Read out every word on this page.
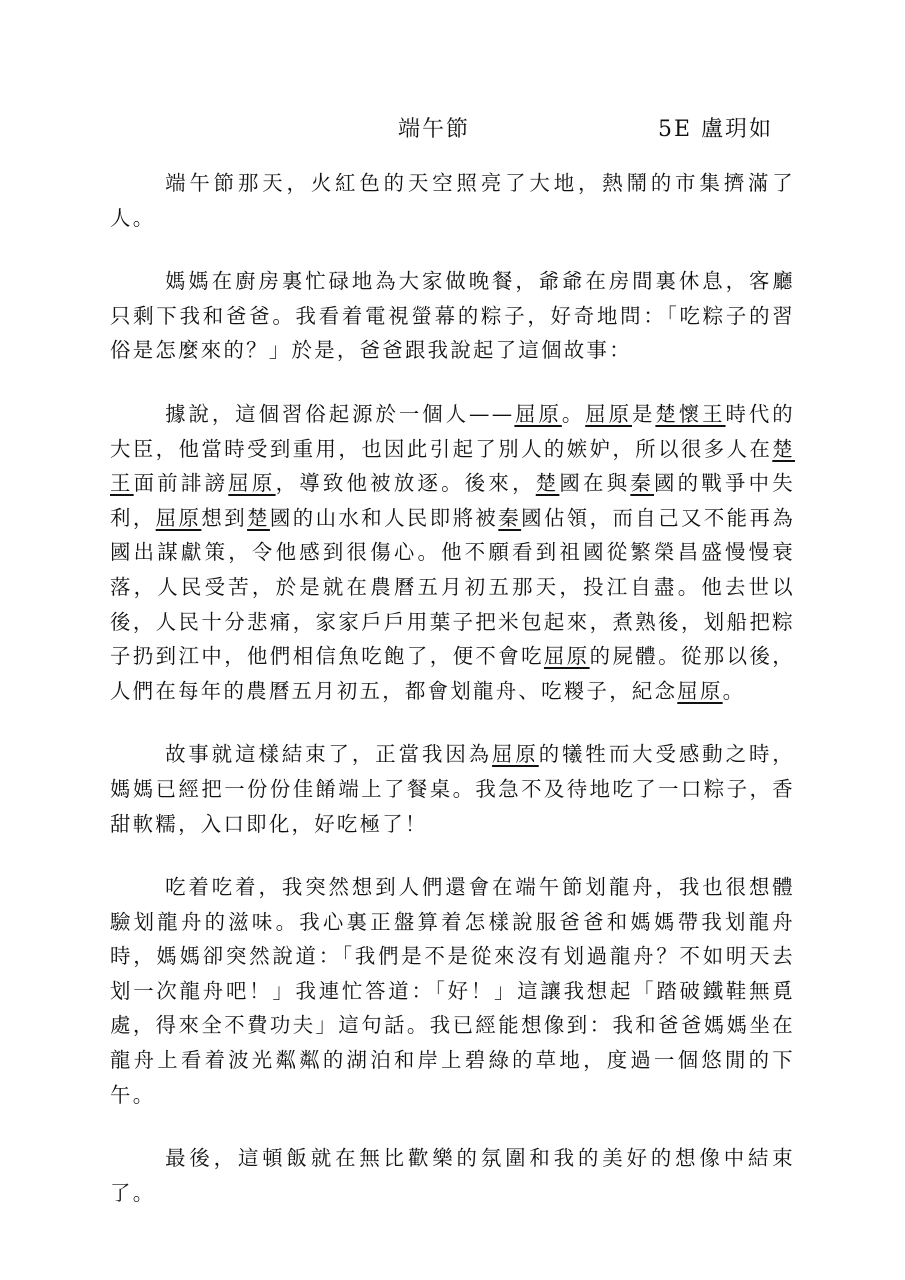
端午節	5E 盧玥如

端午節那天，火紅色的天空照亮了大地，熱鬧的市集擠滿了人。

媽媽在廚房裏忙碌地為大家做晚餐，爺爺在房間裏休息，客廳只剩下我和爸爸。我看着電視螢幕的粽子，好奇地問：「吃粽子的習俗是怎麼來的？」於是，爸爸跟我說起了這個故事：

據說，這個習俗起源於一個人——屈原。屈原是楚懷王時代的大臣，他當時受到重用，也因此引起了別人的嫉妒，所以很多人在楚王面前誹謗屈原，導致他被放逐。後來，楚國在與秦國的戰爭中失利，屈原想到楚國的山水和人民即將被秦國佔領，而自己又不能再為國出謀獻策，令他感到很傷心。他不願看到祖國從繁榮昌盛慢慢衰落，人民受苦，於是就在農曆五月初五那天，投江自盡。他去世以後，人民十分悲痛，家家戶戶用葉子把米包起來，煮熟後，划船把粽子扔到江中，他們相信魚吃飽了，便不會吃屈原的屍體。從那以後，人們在每年的農曆五月初五，都會划龍舟、吃糉子，紀念屈原。

故事就這樣結束了，正當我因為屈原的犧牲而大受感動之時，媽媽已經把一份份佳餚端上了餐桌。我急不及待地吃了一口粽子，香甜軟糯，入口即化，好吃極了！

吃着吃着，我突然想到人們還會在端午節划龍舟，我也很想體驗划龍舟的滋味。我心裏正盤算着怎樣說服爸爸和媽媽帶我划龍舟時，媽媽卻突然說道：「我們是不是從來沒有划過龍舟？不如明天去划一次龍舟吧！」我連忙答道：「好！」這讓我想起「踏破鐵鞋無覓處，得來全不費功夫」這句話。我已經能想像到：我和爸爸媽媽坐在龍舟上看着波光粼粼的湖泊和岸上碧綠的草地，度過一個悠閒的下午。

最後，這頓飯就在無比歡樂的氛圍和我的美好的想像中結束了。
